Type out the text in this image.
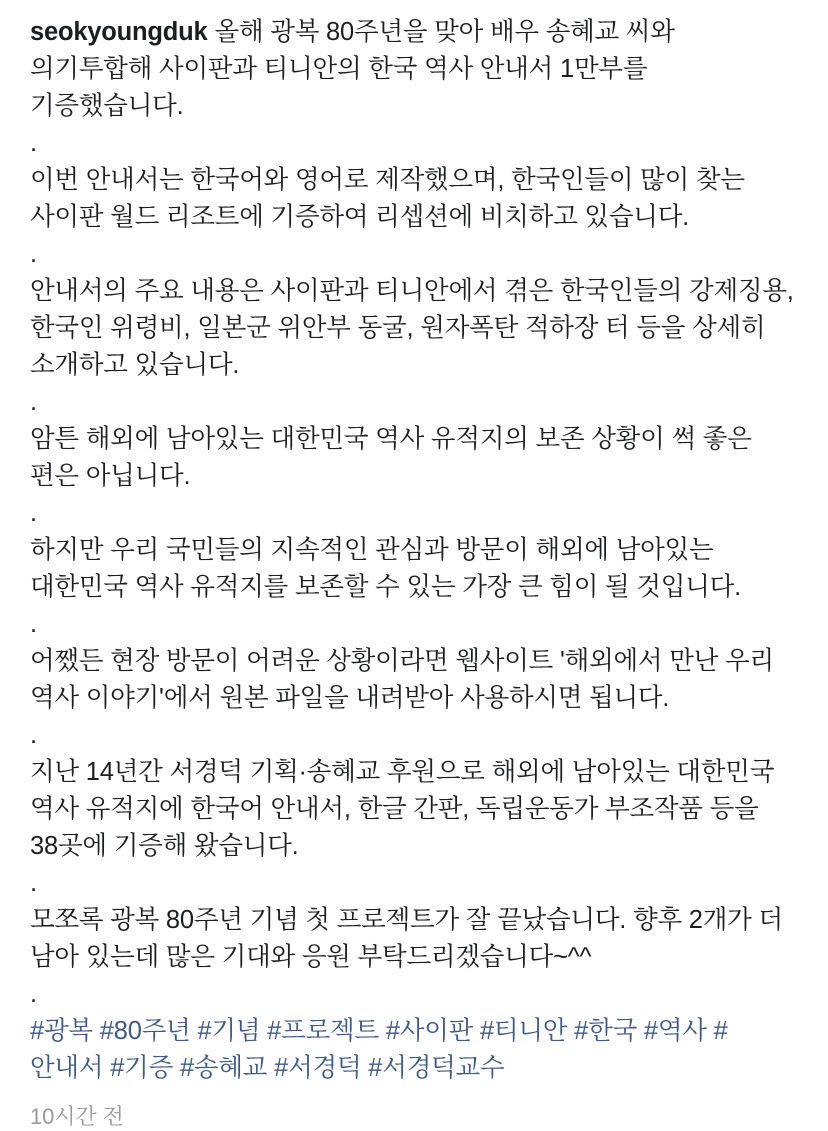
seokyoungduk 올해 광복 80주년을 맞아 배우 송혜교 씨와 의기투합해 사이판과 티니안의 한국 역사 안내서 1만부를 기증했습니다.

.

이번 안내서는 한국어와 영어로 제작했으며, 한국인들이 많이 찾는 사이판 월드 리조트에 기증하여 리셉션에 비치하고 있습니다.

.

안내서의 주요 내용은 사이판과 티니안에서 겪은 한국인들의 강제징용, 한국인 위령비, 일본군 위안부 동굴, 원자폭탄 적하장 터 등을 상세히 소개하고 있습니다.

.

암튼 해외에 남아있는 대한민국 역사 유적지의 보존 상황이 썩 좋은 편은 아닙니다.

.

하지만 우리 국민들의 지속적인 관심과 방문이 해외에 남아있는 대한민국 역사 유적지를 보존할 수 있는 가장 큰 힘이 될 것입니다.

.

어쨌든 현장 방문이 어려운 상황이라면 웹사이트 '해외에서 만난 우리 역사 이야기'에서 원본 파일을 내려받아 사용하시면 됩니다.

.

지난 14년간 서경덕 기획·송혜교 후원으로 해외에 남아있는 대한민국 역사 유적지에 한국어 안내서, 한글 간판, 독립운동가 부조작품 등을 38곳에 기증해 왔습니다.

.

모쪼록 광복 80주년 기념 첫 프로젝트가 잘 끝났습니다. 향후 2개가 더 남아 있는데 많은 기대와 응원 부탁드리겠습니다~^^

.

#광복 #80주년 #기념 #프로젝트 #사이판 #티니안 #한국 #역사 #안내서 #기증 #송혜교 #서경덕 #서경덕교수

10시간 전
